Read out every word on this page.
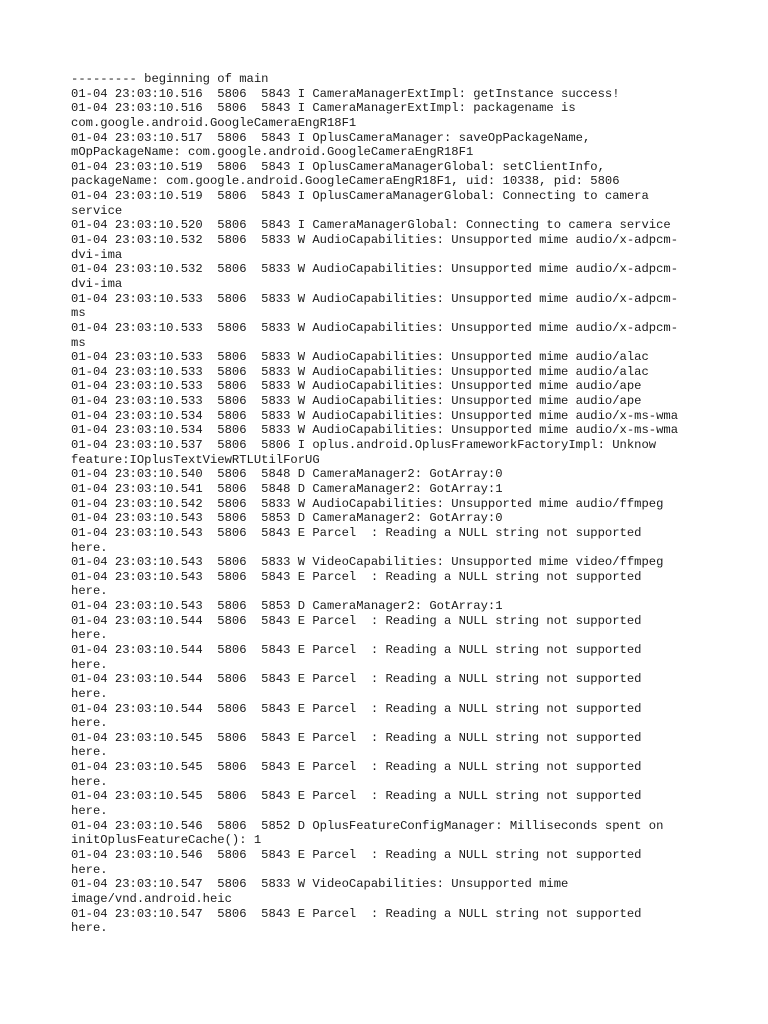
--------- beginning of main
01-04 23:03:10.516  5806  5843 I CameraManagerExtImpl: getInstance success!
01-04 23:03:10.516  5806  5843 I CameraManagerExtImpl: packagename is
com.google.android.GoogleCameraEngR18F1
01-04 23:03:10.517  5806  5843 I OplusCameraManager: saveOpPackageName,
mOpPackageName: com.google.android.GoogleCameraEngR18F1
01-04 23:03:10.519  5806  5843 I OplusCameraManagerGlobal: setClientInfo,
packageName: com.google.android.GoogleCameraEngR18F1, uid: 10338, pid: 5806
01-04 23:03:10.519  5806  5843 I OplusCameraManagerGlobal: Connecting to camera
service
01-04 23:03:10.520  5806  5843 I CameraManagerGlobal: Connecting to camera service
01-04 23:03:10.532  5806  5833 W AudioCapabilities: Unsupported mime audio/x-adpcm-
dvi-ima
01-04 23:03:10.532  5806  5833 W AudioCapabilities: Unsupported mime audio/x-adpcm-
dvi-ima
01-04 23:03:10.533  5806  5833 W AudioCapabilities: Unsupported mime audio/x-adpcm-
ms
01-04 23:03:10.533  5806  5833 W AudioCapabilities: Unsupported mime audio/x-adpcm-
ms
01-04 23:03:10.533  5806  5833 W AudioCapabilities: Unsupported mime audio/alac
01-04 23:03:10.533  5806  5833 W AudioCapabilities: Unsupported mime audio/alac
01-04 23:03:10.533  5806  5833 W AudioCapabilities: Unsupported mime audio/ape
01-04 23:03:10.533  5806  5833 W AudioCapabilities: Unsupported mime audio/ape
01-04 23:03:10.534  5806  5833 W AudioCapabilities: Unsupported mime audio/x-ms-wma
01-04 23:03:10.534  5806  5833 W AudioCapabilities: Unsupported mime audio/x-ms-wma
01-04 23:03:10.537  5806  5806 I oplus.android.OplusFrameworkFactoryImpl: Unknow
feature:IOplusTextViewRTLUtilForUG
01-04 23:03:10.540  5806  5848 D CameraManager2: GotArray:0
01-04 23:03:10.541  5806  5848 D CameraManager2: GotArray:1
01-04 23:03:10.542  5806  5833 W AudioCapabilities: Unsupported mime audio/ffmpeg
01-04 23:03:10.543  5806  5853 D CameraManager2: GotArray:0
01-04 23:03:10.543  5806  5843 E Parcel  : Reading a NULL string not supported
here.
01-04 23:03:10.543  5806  5833 W VideoCapabilities: Unsupported mime video/ffmpeg
01-04 23:03:10.543  5806  5843 E Parcel  : Reading a NULL string not supported
here.
01-04 23:03:10.543  5806  5853 D CameraManager2: GotArray:1
01-04 23:03:10.544  5806  5843 E Parcel  : Reading a NULL string not supported
here.
01-04 23:03:10.544  5806  5843 E Parcel  : Reading a NULL string not supported
here.
01-04 23:03:10.544  5806  5843 E Parcel  : Reading a NULL string not supported
here.
01-04 23:03:10.544  5806  5843 E Parcel  : Reading a NULL string not supported
here.
01-04 23:03:10.545  5806  5843 E Parcel  : Reading a NULL string not supported
here.
01-04 23:03:10.545  5806  5843 E Parcel  : Reading a NULL string not supported
here.
01-04 23:03:10.545  5806  5843 E Parcel  : Reading a NULL string not supported
here.
01-04 23:03:10.546  5806  5852 D OplusFeatureConfigManager: Milliseconds spent on
initOplusFeatureCache(): 1
01-04 23:03:10.546  5806  5843 E Parcel  : Reading a NULL string not supported
here.
01-04 23:03:10.547  5806  5833 W VideoCapabilities: Unsupported mime
image/vnd.android.heic
01-04 23:03:10.547  5806  5843 E Parcel  : Reading a NULL string not supported
here.
